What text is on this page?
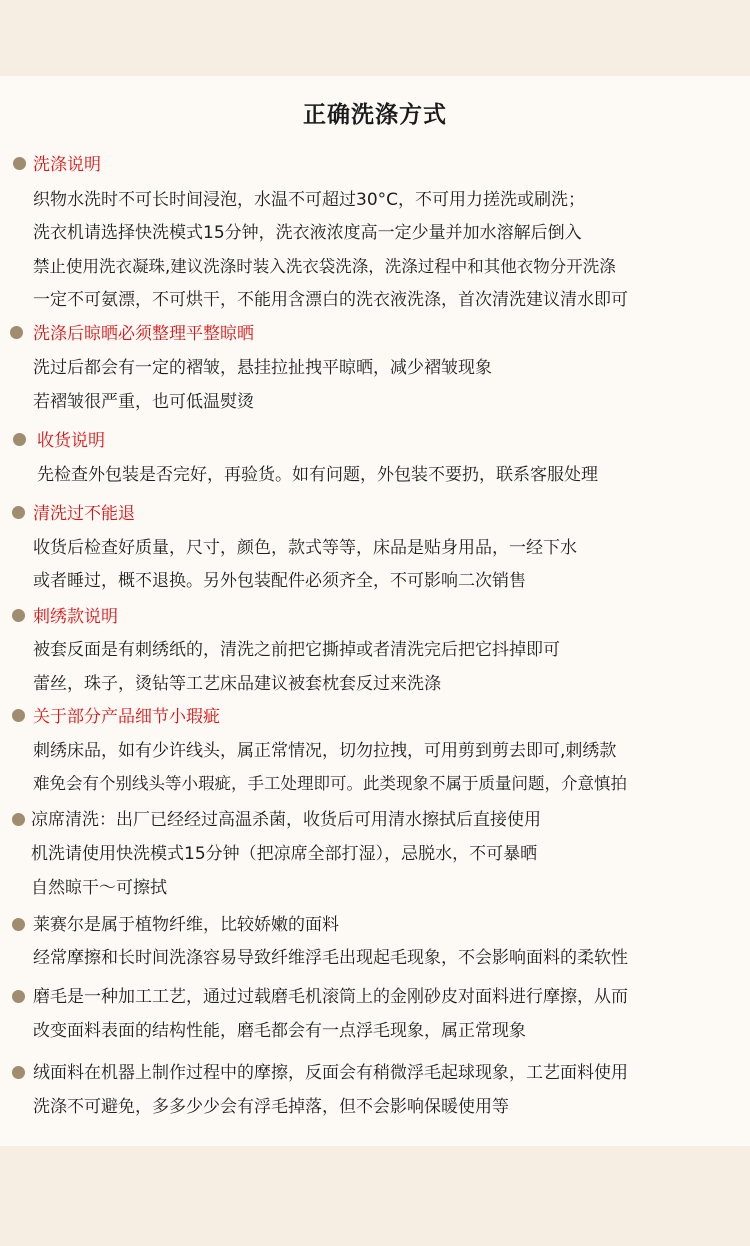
正确洗涤方式
洗涤说明
织物水洗时不可长时间浸泡，水温不可超过30°C，不可用力搓洗或刷洗；
洗衣机请选择快洗模式15分钟，洗衣液浓度高一定少量并加水溶解后倒入
禁止使用洗衣凝珠,建议洗涤时装入洗衣袋洗涤，洗涤过程中和其他衣物分开洗涤
一定不可氨漂，不可烘干，不能用含漂白的洗衣液洗涤，首次清洗建议清水即可
洗涤后晾晒必须整理平整晾晒
洗过后都会有一定的褶皱，悬挂拉扯拽平晾晒，减少褶皱现象
若褶皱很严重，也可低温熨烫
收货说明
先检查外包装是否完好，再验货。如有问题，外包装不要扔，联系客服处理
清洗过不能退
收货后检查好质量，尺寸，颜色，款式等等，床品是贴身用品，一经下水
或者睡过，概不退换。另外包装配件必须齐全，不可影响二次销售
刺绣款说明
被套反面是有刺绣纸的，清洗之前把它撕掉或者清洗完后把它抖掉即可
蕾丝，珠子，烫钻等工艺床品建议被套枕套反过来洗涤
关于部分产品细节小瑕疵
刺绣床品，如有少许线头，属正常情况，切勿拉拽，可用剪到剪去即可,刺绣款
难免会有个别线头等小瑕疵，手工处理即可。此类现象不属于质量问题，介意慎拍
凉席清洗：出厂已经经过高温杀菌，收货后可用清水擦拭后直接使用
机洗请使用快洗模式15分钟（把凉席全部打湿），忌脱水，不可暴晒
自然晾干～可擦拭
莱赛尔是属于植物纤维，比较娇嫩的面料
经常摩擦和长时间洗涤容易导致纤维浮毛出现起毛现象，不会影响面料的柔软性
磨毛是一种加工工艺，通过过载磨毛机滚筒上的金刚砂皮对面料进行摩擦，从而
改变面料表面的结构性能，磨毛都会有一点浮毛现象，属正常现象
绒面料在机器上制作过程中的摩擦，反面会有稍微浮毛起球现象，工艺面料使用
洗涤不可避免，多多少少会有浮毛掉落，但不会影响保暖使用等
